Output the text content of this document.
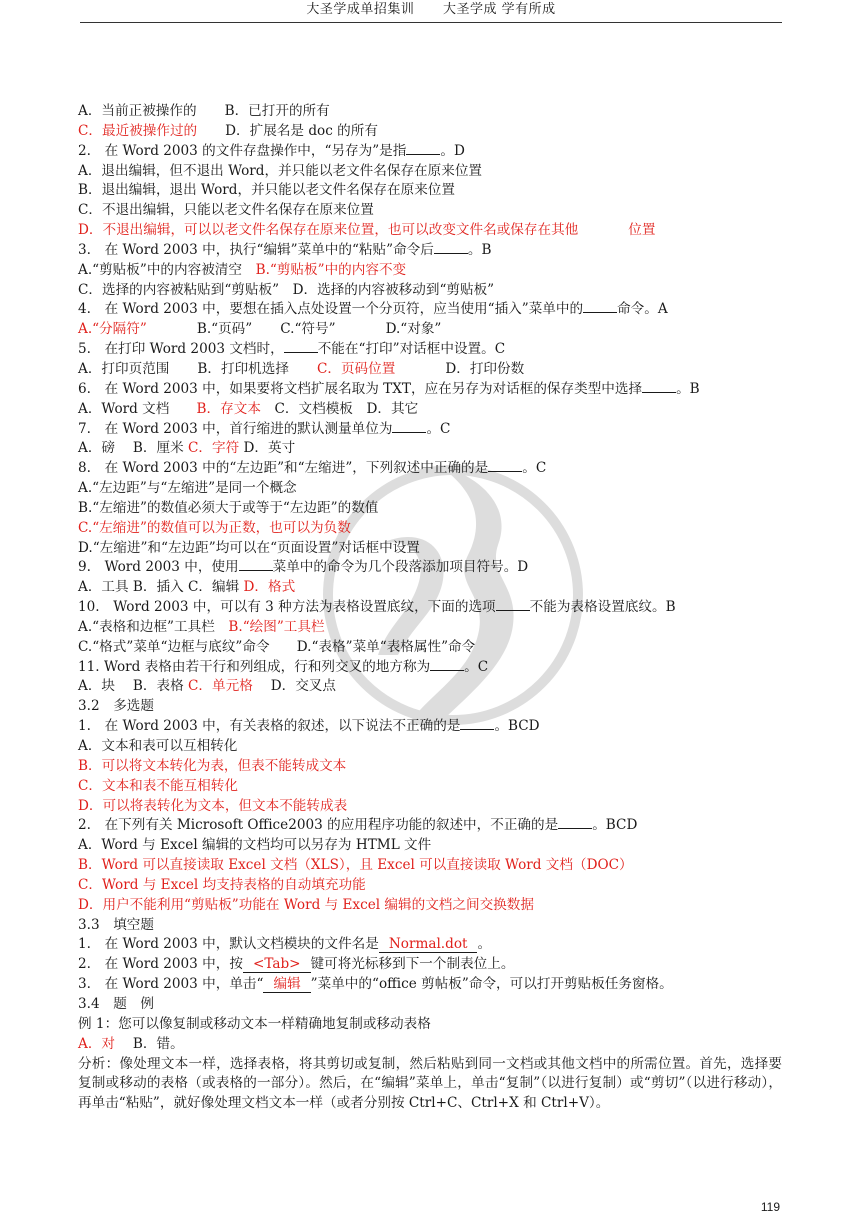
大圣学成单招集训 大圣学成 学有所成
A．当前正被操作的 B．已打开的所有
C．最近被操作过的 D．扩展名是 doc 的所有
2.　在 Word 2003 的文件存盘操作中，“另存为”是指	。D
A．退出编辑，但不退出 Word，并只能以老文件名保存在原来位置
B．退出编辑，退出 Word，并只能以老文件名保存在原来位置
C．不退出编辑，只能以老文件名保存在原来位置
D．不退出编辑，可以以老文件名保存在原来位置，也可以改变文件名或保存在其他	位置
3.　在 Word 2003 中，执行“编辑”菜单中的“粘贴”命令后	。B
A.“剪贴板”中的内容被清空　B.“剪贴板”中的内容不变
C．选择的内容被粘贴到“剪贴板”　D．选择的内容被移动到“剪贴板”
4.　在 Word 2003 中，要想在插入点处设置一个分页符，应当使用“插入”菜单中的	命令。A
A.“分隔符”	B.“页码” C.“符号”	D.“对象”
5.　在打印 Word 2003 文档时，	不能在“打印”对话框中设置。C
A．打印页范围 B．打印机选择 C．页码位置	D．打印份数
6.　在 Word 2003 中，如果要将文档扩展名取为 TXT，应在另存为对话框的保存类型中选择	。B
A．Word 文档　　B．存文本　C．文档模板　D．其它
7.　在 Word 2003 中，首行缩进的默认测量单位为	。C
A．磅　 B．厘米 C．字符 D．英寸
8.　在 Word 2003 中的“左边距”和“左缩进”，下列叙述中正确的是	。C
A.“左边距”与“左缩进”是同一个概念
B.“左缩进”的数值必须大于或等于“左边距”的数值
C.“左缩进”的数值可以为正数，也可以为负数
D.“左缩进”和“左边距”均可以在“页面设置”对话框中设置
9.　Word 2003 中，使用	菜单中的命令为几个段落添加项目符号。D
A．工具 B．插入 C．编辑 D．格式
10.　Word 2003 中，可以有 3 种方法为表格设置底纹，下面的选项	不能为表格设置底纹。B
A.“表格和边框”工具栏　B.“绘图”工具栏
C.“格式”菜单“边框与底纹”命令　　D.“表格”菜单“表格属性”命令
11. Word 表格由若干行和列组成，行和列交叉的地方称为	。C
A．块　 B．表格 C．单元格　 D．交叉点
3.2　多选题
1.　在 Word 2003 中，有关表格的叙述，以下说法不正确的是	。BCD
A．文本和表可以互相转化
B．可以将文本转化为表，但表不能转成文本
C．文本和表不能互相转化
D．可以将表转化为文本，但文本不能转成表
2.　在下列有关 Microsoft Office2003 的应用程序功能的叙述中，不正确的是	。BCD
A．Word 与 Excel 编辑的文档均可以另存为 HTML 文件
B．Word 可以直接读取 Excel 文档（XLS），且 Excel 可以直接读取 Word 文档（DOC）
C．Word 与 Excel 均支持表格的自动填充功能
D．用户不能利用“剪贴板”功能在 Word 与 Excel 编辑的文档之间交换数据
3.3　填空题
1.　在 Word 2003 中，默认文档模块的文件名是 Normal.dot 。
2.　在 Word 2003 中，按 <Tab> 键可将光标移到下一个制表位上。
3.　在 Word 2003 中，单击“ 编辑 ”菜单中的“office 剪帖板”命令，可以打开剪贴板任务窗格。
3.4　题　例
例 1：您可以像复制或移动文本一样精确地复制或移动表格
A．对　 B．错。
分析：像处理文本一样，选择表格，将其剪切或复制，然后粘贴到同一文档或其他文档中的所需位置。首先，选择要复制或移动的表格（或表格的一部分）。然后，在“编辑”菜单上，单击“复制”（以进行复制）或“剪切”（以进行移动），再单击“粘贴”，就好像处理文档文本一样（或者分别按 Ctrl+C、Ctrl+X 和 Ctrl+V）。
119
